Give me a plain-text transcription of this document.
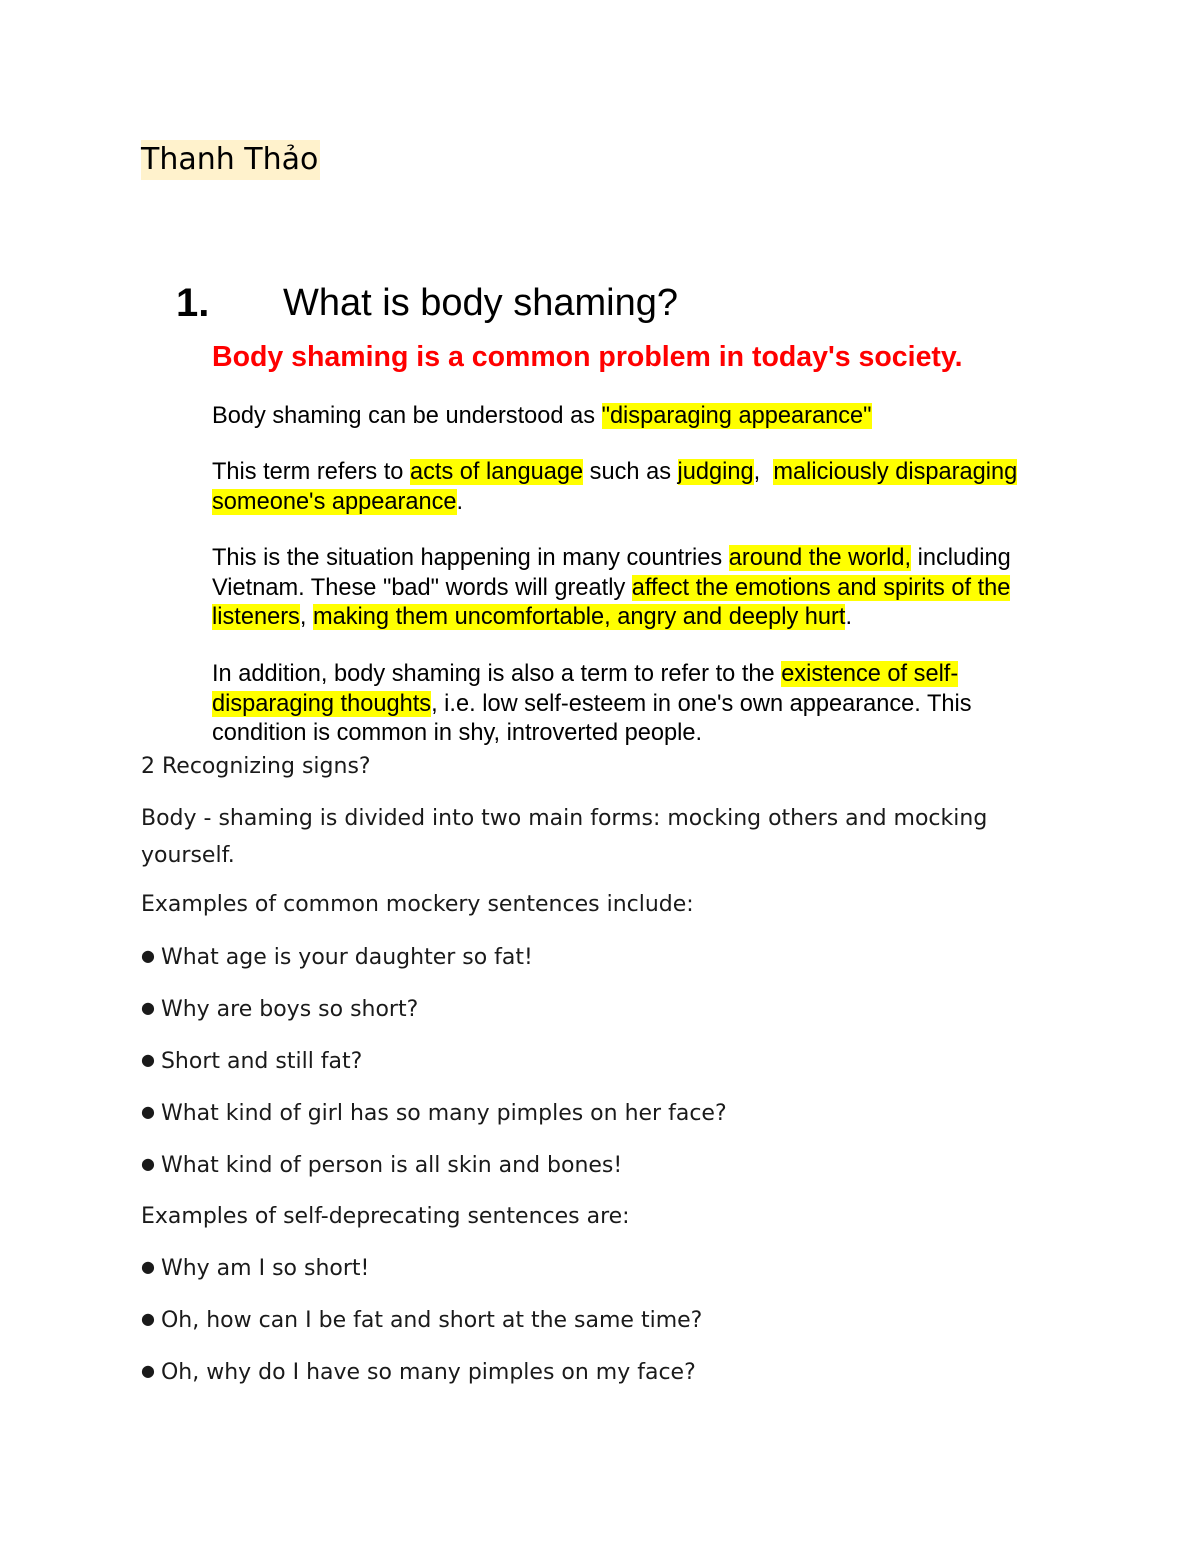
Thanh Thảo
1. What is body shaming?
Body shaming is a common problem in today's society.
Body shaming can be understood as "disparaging appearance"
This term refers to acts of language such as judging,  maliciously disparaging someone's appearance.
This is the situation happening in many countries around the world, including Vietnam. These "bad" words will greatly affect the emotions and spirits of the listeners, making them uncomfortable, angry and deeply hurt.
In addition, body shaming is also a term to refer to the existence of self-disparaging thoughts, i.e. low self-esteem in one's own appearance. This condition is common in shy, introverted people.
2 Recognizing signs?
Body - shaming is divided into two main forms: mocking others and mocking yourself.
Examples of common mockery sentences include:
● What age is your daughter so fat!
● Why are boys so short?
● Short and still fat?
● What kind of girl has so many pimples on her face?
● What kind of person is all skin and bones!
Examples of self-deprecating sentences are:
● Why am I so short!
● Oh, how can I be fat and short at the same time?
● Oh, why do I have so many pimples on my face?
